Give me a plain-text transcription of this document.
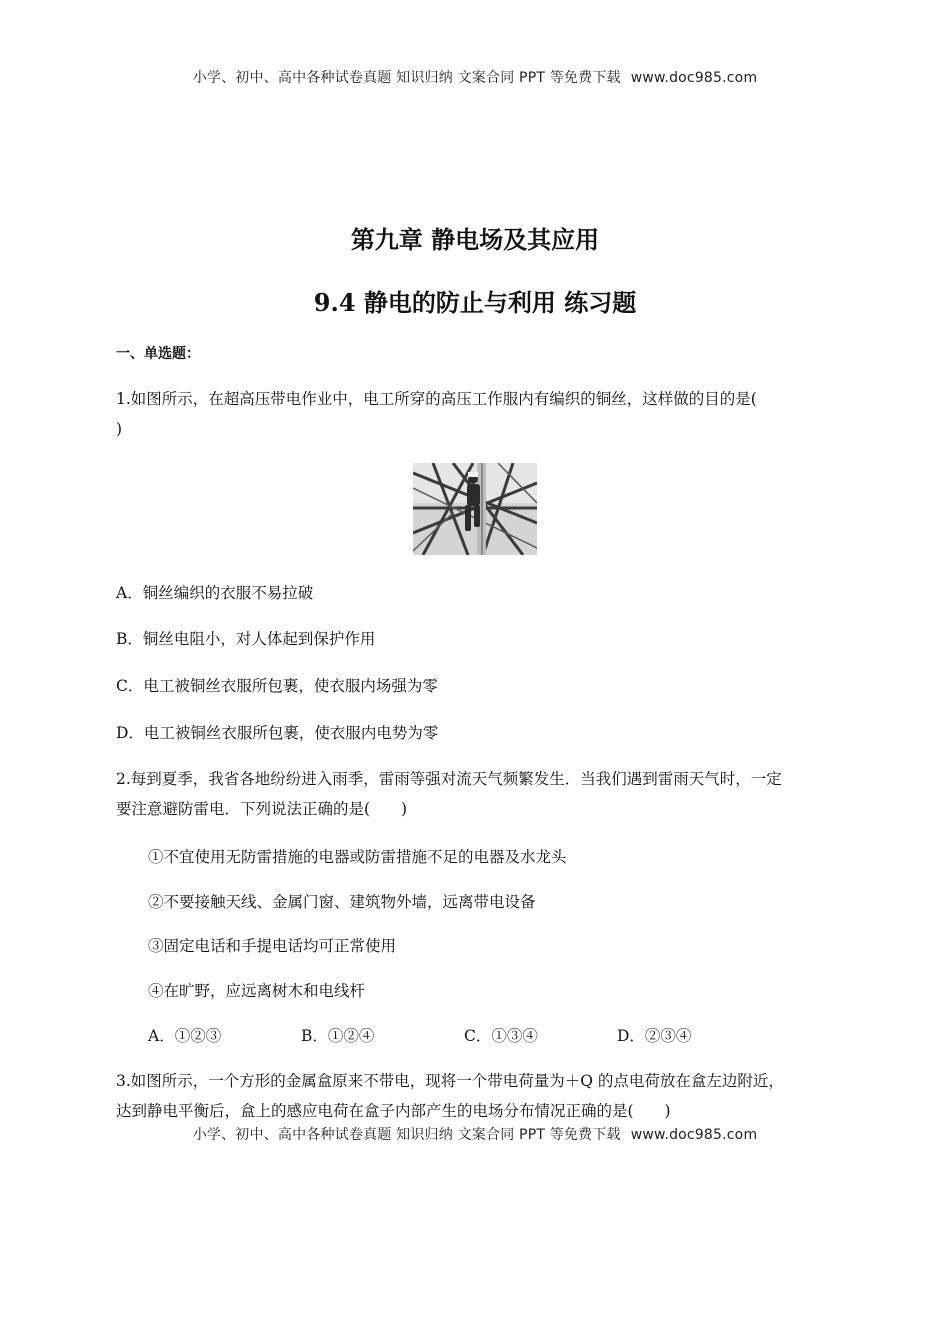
小学、初中、高中各种试卷真题 知识归纳 文案合同 PPT 等免费下载 www.doc985.com
第九章 静电场及其应用
9.4 静电的防止与利用 练习题
一、单选题：
1.如图所示，在超高压带电作业中，电工所穿的高压工作服内有编织的铜丝，这样做的目的是(
)
A．铜丝编织的衣服不易拉破
B．铜丝电阻小，对人体起到保护作用
C．电工被铜丝衣服所包裹，使衣服内场强为零
D．电工被铜丝衣服所包裹，使衣服内电势为零
2.每到夏季，我省各地纷纷进入雨季，雷雨等强对流天气频繁发生．当我们遇到雷雨天气时，一定
要注意避防雷电．下列说法正确的是(　　)
①不宜使用无防雷措施的电器或防雷措施不足的电器及水龙头
②不要接触天线、金属门窗、建筑物外墙，远离带电设备
③固定电话和手提电话均可正常使用
④在旷野，应远离树木和电线杆
A．①②③	B．①②④	C．①③④	D．②③④
3.如图所示，一个方形的金属盒原来不带电，现将一个带电荷量为＋Q 的点电荷放在盒左边附近，
达到静电平衡后，盒上的感应电荷在盒子内部产生的电场分布情况正确的是(　　)
小学、初中、高中各种试卷真题 知识归纳 文案合同 PPT 等免费下载 www.doc985.com
